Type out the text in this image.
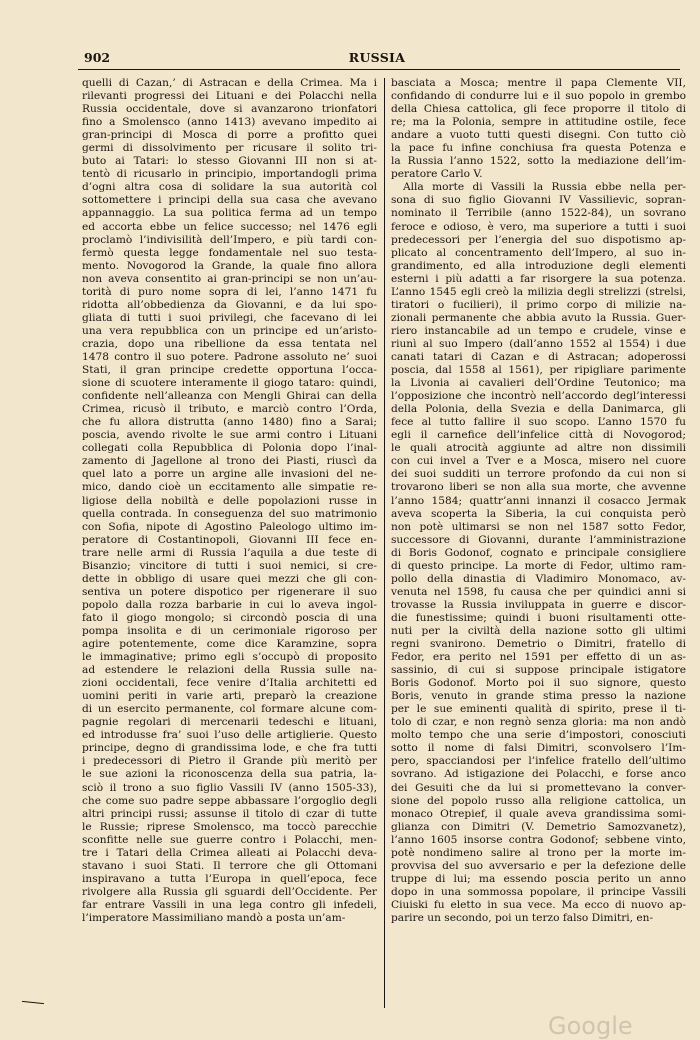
902	RUSSIA
quelli di Cazan,’ di Astracan e della Crimea. Ma i
rilevanti progressi dei Lituani e dei Polacchi nella
Russia occidentale, dove si avanzarono trionfatori
fino a Smolensco (anno 1413) avevano impedito ai
gran-principi di Mosca di porre a profitto quei
germi di dissolvimento per ricusare il solito tri-
buto ai Tatari: lo stesso Giovanni III non si at-
tentò di ricusarlo in principio, importandogli prima
d’ogni altra cosa di solidare la sua autorità col
sottomettere i principi della sua casa che avevano
appannaggio. La sua politica ferma ad un tempo
ed accorta ebbe un felice successo; nel 1476 egli
proclamò l’indivisilità dell’Impero, e più tardi con-
fermò questa legge fondamentale nel suo testa-
mento. Novogorod la Grande, la quale fino allora
non aveva consentito ai gran-principi se non un’au-
torità di puro nome sopra di lei, l’anno 1471 fu
ridotta all’obbedienza da Giovanni, e da lui spo-
gliata di tutti i suoi privilegi, che facevano di lei
una vera repubblica con un principe ed un’aristo-
crazia, dopo una ribellione da essa tentata nel
1478 contro il suo potere. Padrone assoluto ne’ suoi
Stati, il gran principe credette opportuna l’occa-
sione di scuotere interamente il giogo tataro: quindi,
confidente nell’alleanza con Mengli Ghirai can della
Crimea, ricusò il tributo, e marciò contro l’Orda,
che fu allora distrutta (anno 1480) fino a Sarai;
poscia, avendo rivolte le sue armi contro i Lituani
collegati colla Repubblica di Polonia dopo l’inal-
zamento di Jagellone al trono dei Piasti, riuscì da
quel lato a porre un argine alle invasioni del ne-
mico, dando cioè un eccitamento alle simpatie re-
ligiose della nobiltà e delle popolazioni russe in
quella contrada. In conseguenza del suo matrimonio
con Sofia, nipote di Agostino Paleologo ultimo im-
peratore di Costantinopoli, Giovanni III fece en-
trare nelle armi di Russia l’aquila a due teste di
Bisanzio; vincitore di tutti i suoi nemici, si cre-
dette in obbligo di usare quei mezzi che gli con-
sentiva un potere dispotico per rigenerare il suo
popolo dalla rozza barbarie in cui lo aveva ingol-
fato il giogo mongolo; si circondò poscia di una
pompa insolita e di un cerimoniale rigoroso per
agire potentemente, come dice Karamzine, sopra
le immaginative; primo egli s’occupò di proposito
ad estendere le relazioni della Russia sulle na-
zioni occidentali, fece venire d’Italia architetti ed
uomini periti in varie arti, preparò la creazione
di un esercito permanente, col formare alcune com-
pagnie regolari di mercenarii tedeschi e lituani,
ed introdusse fra’ suoi l’uso delle artiglierie. Questo
principe, degno di grandissima lode, e che fra tutti
i predecessori di Pietro il Grande più meritò per
le sue azioni la riconoscenza della sua patria, la-
sciò il trono a suo figlio Vassili IV (anno 1505-33),
che come suo padre seppe abbassare l’orgoglio degli
altri principi russi; assunse il titolo di czar di tutte
le Russie; riprese Smolensco, ma toccò parecchie
sconfitte nelle sue guerre contro i Polacchi, men-
tre i Tatari della Crimea alleati ai Polacchi deva-
stavano i suoi Stati. Il terrore che gli Ottomani
inspiravano a tutta l’Europa in quell’epoca, fece
rivolgere alla Russia gli sguardi dell’Occidente. Per
far entrare Vassili in una lega contro gli infedeli,
l’imperatore Massimiliano mandò a posta un’am-
basciata a Mosca; mentre il papa Clemente VII,
confidando di condurre lui e il suo popolo in grembo
della Chiesa cattolica, gli fece proporre il titolo di
re; ma la Polonia, sempre in attitudine ostile, fece
andare a vuoto tutti questi disegni. Con tutto ciò
la pace fu infine conchiusa fra questa Potenza e
la Russia l’anno 1522, sotto la mediazione dell’im-
peratore Carlo V.
Alla morte di Vassili la Russia ebbe nella per-
sona di suo figlio Giovanni IV Vassilievic, sopran-
nominato il Terribile (anno 1522-84), un sovrano
feroce e odioso, è vero, ma superiore a tutti i suoi
predecessori per l’energia del suo dispotismo ap-
plicato al concentramento dell’Impero, al suo in-
grandimento, ed alla introduzione degli elementi
esterni i più adatti a far risorgere la sua potenza.
L’anno 1545 egli creò la milizia degli strelizzi (strelsi,
tiratori o fucilieri), il primo corpo di milizie na-
zionali permanente che abbia avuto la Russia. Guer-
riero instancabile ad un tempo e crudele, vinse e
riunì al suo Impero (dall’anno 1552 al 1554) i due
canati tatari di Cazan e di Astracan; adoperossi
poscia, dal 1558 al 1561), per ripigliare parimente
la Livonia ai cavalieri dell’Ordine Teutonico; ma
l’opposizione che incontrò nell’accordo degl’interessi
della Polonia, della Svezia e della Danimarca, gli
fece al tutto fallire il suo scopo. L’anno 1570 fu
egli il carnefice dell’infelice città di Novogorod;
le quali atrocità aggiunte ad altre non dissimili
con cui invel a Tver e a Mosca, misero nel cuore
dei suoi sudditi un terrore profondo da cui non si
trovarono liberi se non alla sua morte, che avvenne
l’anno 1584; quattr’anni innanzi il cosacco Jermak
aveva scoperta la Siberia, la cui conquista però
non potè ultimarsi se non nel 1587 sotto Fedor,
successore di Giovanni, durante l’amministrazione
di Boris Godonof, cognato e principale consigliere
di questo principe. La morte di Fedor, ultimo ram-
pollo della dinastia di Vladimiro Monomaco, av-
venuta nel 1598, fu causa che per quindici anni si
trovasse la Russia inviluppata in guerre e discor-
die funestissime; quindi i buoni risultamenti otte-
nuti per la civiltà della nazione sotto gli ultimi
regni svanirono. Demetrio o Dimitri, fratello di
Fedor, era perito nel 1591 per effetto di un as-
sassinio, di cui si suppose principale istigatore
Boris Godonof. Morto poi il suo signore, questo
Boris, venuto in grande stima presso la nazione
per le sue eminenti qualità di spirito, prese il ti-
tolo di czar, e non regnò senza gloria: ma non andò
molto tempo che una serie d’impostori, conosciuti
sotto il nome di falsi Dimitri, sconvolsero l’Im-
pero, spacciandosi per l’infelice fratello dell’ultimo
sovrano. Ad istigazione dei Polacchi, e forse anco
dei Gesuiti che da lui si promettevano la conver-
sione del popolo russo alla religione cattolica, un
monaco Otrepief, il quale aveva grandissima somi-
glianza con Dimitri (V. Demetrio Samozvanetz),
l’anno 1605 insorse contra Godonof; sebbene vinto,
potè nondimeno salire al trono per la morte im-
provvisa del suo avversario e per la defezione delle
truppe di lui; ma essendo poscia perito un anno
dopo in una sommossa popolare, il principe Vassili
Ciuiski fu eletto in sua vece. Ma ecco di nuovo ap-
parire un secondo, poi un terzo falso Dimitri, en-
Google
